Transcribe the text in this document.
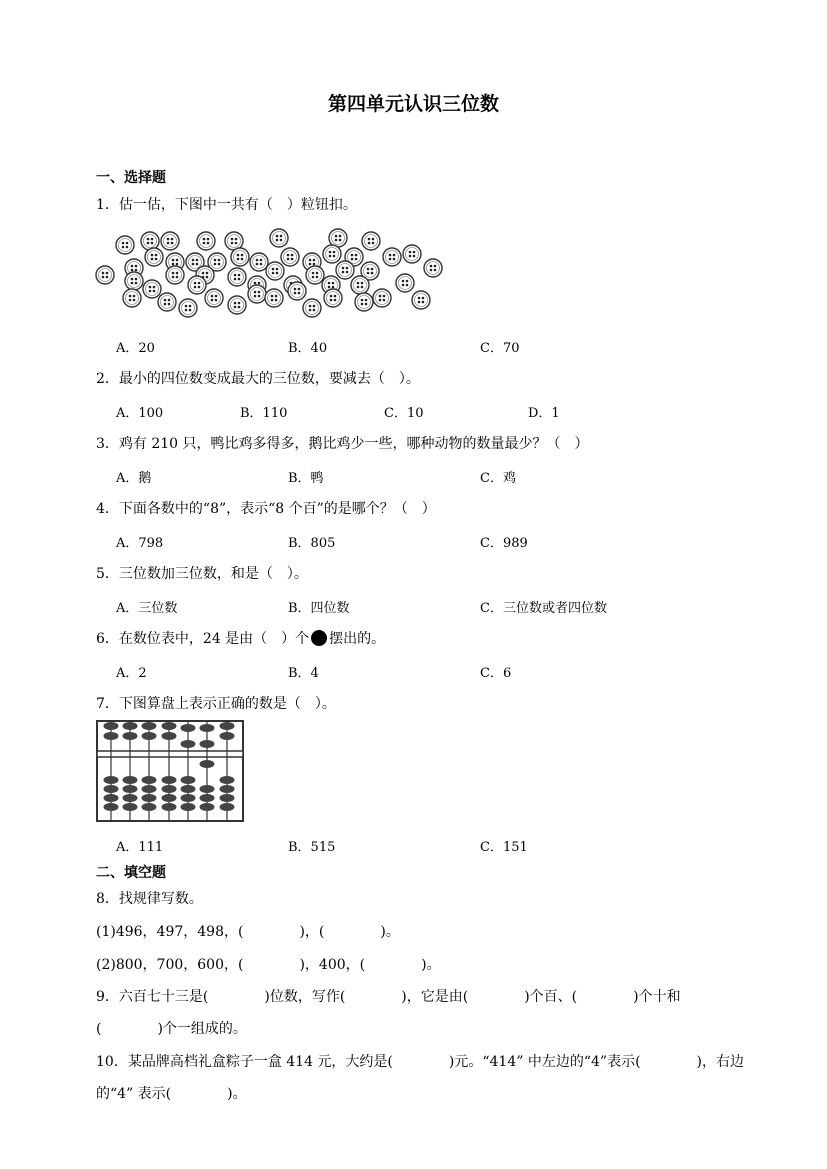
第四单元认识三位数
一、选择题
1．估一估，下图中一共有（　）粒钮扣。
A．20	B．40	C．70
2．最小的四位数变成最大的三位数，要减去（　）。
A．100	B．110	C．10	D．1
3．鸡有 210 只，鸭比鸡多得多，鹅比鸡少一些，哪种动物的数量最少？（　）
A．鹅	B．鸭	C．鸡
4．下面各数中的“8”，表示“8 个百”的是哪个？（　）
A．798	B．805	C．989
5．三位数加三位数，和是（　）。
A．三位数	B．四位数	C．三位数或者四位数
6．在数位表中，24 是由（　）个 摆出的。
A．2	B．4	C．6
7．下图算盘上表示正确的数是（　）。
A．111	B．515	C．151
二、填空题
8．找规律写数。
(1)496，497，498，(　　　　)，(　　　　)。
(2)800，700，600，(　　　　)，400，(　　　　)。
9．六百七十三是(　　　　)位数，写作(　　　　)，它是由(　　　　)个百、(　　　　)个十和
(　　　　)个一组成的。
10．某品牌高档礼盒粽子一盒 414 元，大约是(　　　　)元。“414” 中左边的“4”表示(　　　　)，右边
的“4” 表示(　　　　)。
